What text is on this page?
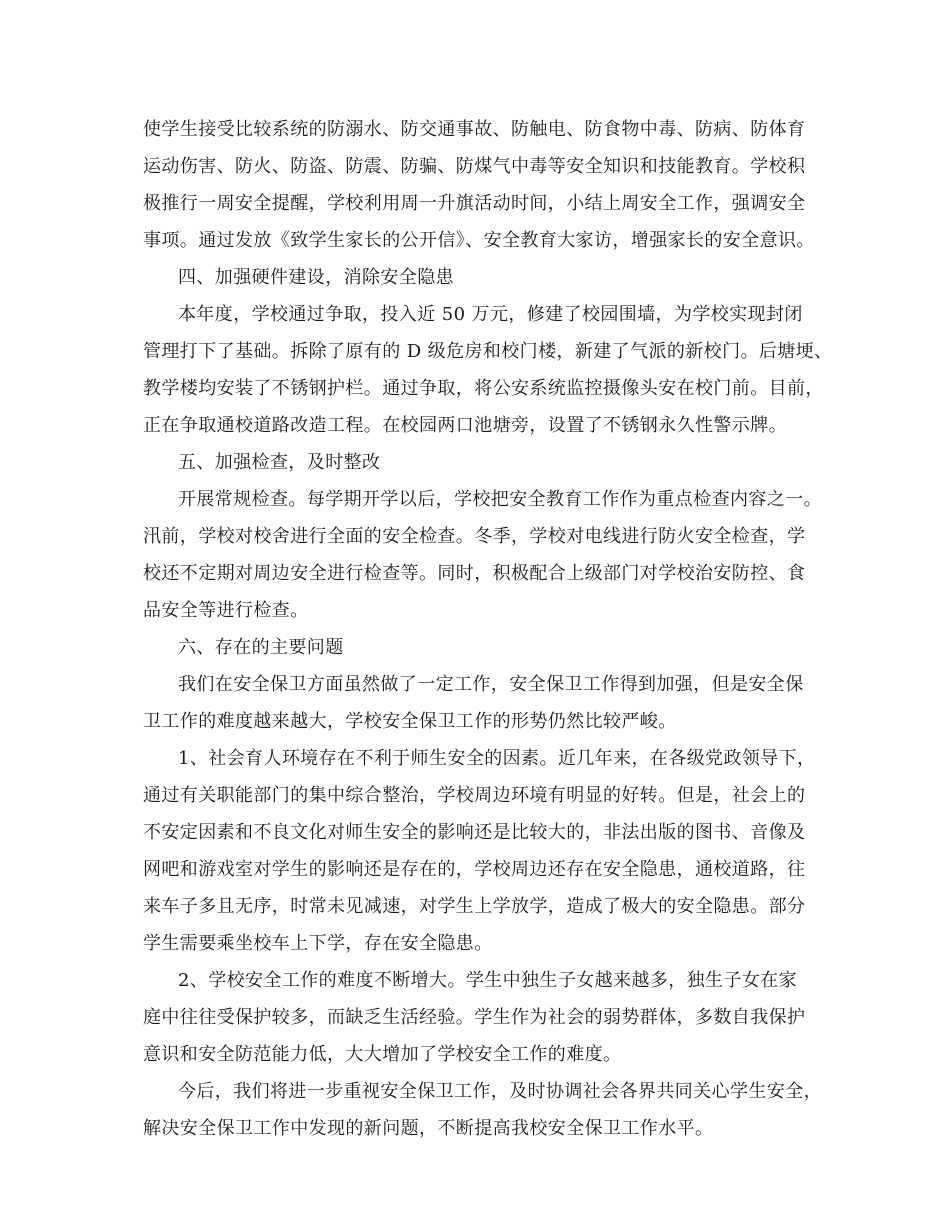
使学生接受比较系统的防溺水、防交通事故、防触电、防食物中毒、防病、防体育
运动伤害、防火、防盗、防震、防骗、防煤气中毒等安全知识和技能教育。学校积
极推行一周安全提醒，学校利用周一升旗活动时间，小结上周安全工作，强调安全
事项。通过发放《致学生家长的公开信》、安全教育大家访，增强家长的安全意识。
四、加强硬件建设，消除安全隐患
本年度，学校通过争取，投入近 50 万元，修建了校园围墙，为学校实现封闭
管理打下了基础。拆除了原有的 D 级危房和校门楼，新建了气派的新校门。后塘埂、
教学楼均安装了不锈钢护栏。通过争取，将公安系统监控摄像头安在校门前。目前，
正在争取通校道路改造工程。在校园两口池塘旁，设置了不锈钢永久性警示牌。
五、加强检查，及时整改
开展常规检查。每学期开学以后，学校把安全教育工作作为重点检查内容之一。
汛前，学校对校舍进行全面的安全检查。冬季，学校对电线进行防火安全检查，学
校还不定期对周边安全进行检查等。同时，积极配合上级部门对学校治安防控、食
品安全等进行检查。
六、存在的主要问题
我们在安全保卫方面虽然做了一定工作，安全保卫工作得到加强，但是安全保
卫工作的难度越来越大，学校安全保卫工作的形势仍然比较严峻。
1、社会育人环境存在不利于师生安全的因素。近几年来，在各级党政领导下，
通过有关职能部门的集中综合整治，学校周边环境有明显的好转。但是，社会上的
不安定因素和不良文化对师生安全的影响还是比较大的，非法出版的图书、音像及
网吧和游戏室对学生的影响还是存在的，学校周边还存在安全隐患，通校道路，往
来车子多且无序，时常未见减速，对学生上学放学，造成了极大的安全隐患。部分
学生需要乘坐校车上下学，存在安全隐患。
2、学校安全工作的难度不断增大。学生中独生子女越来越多，独生子女在家
庭中往往受保护较多，而缺乏生活经验。学生作为社会的弱势群体，多数自我保护
意识和安全防范能力低，大大增加了学校安全工作的难度。
今后，我们将进一步重视安全保卫工作，及时协调社会各界共同关心学生安全，
解决安全保卫工作中发现的新问题，不断提高我校安全保卫工作水平。
